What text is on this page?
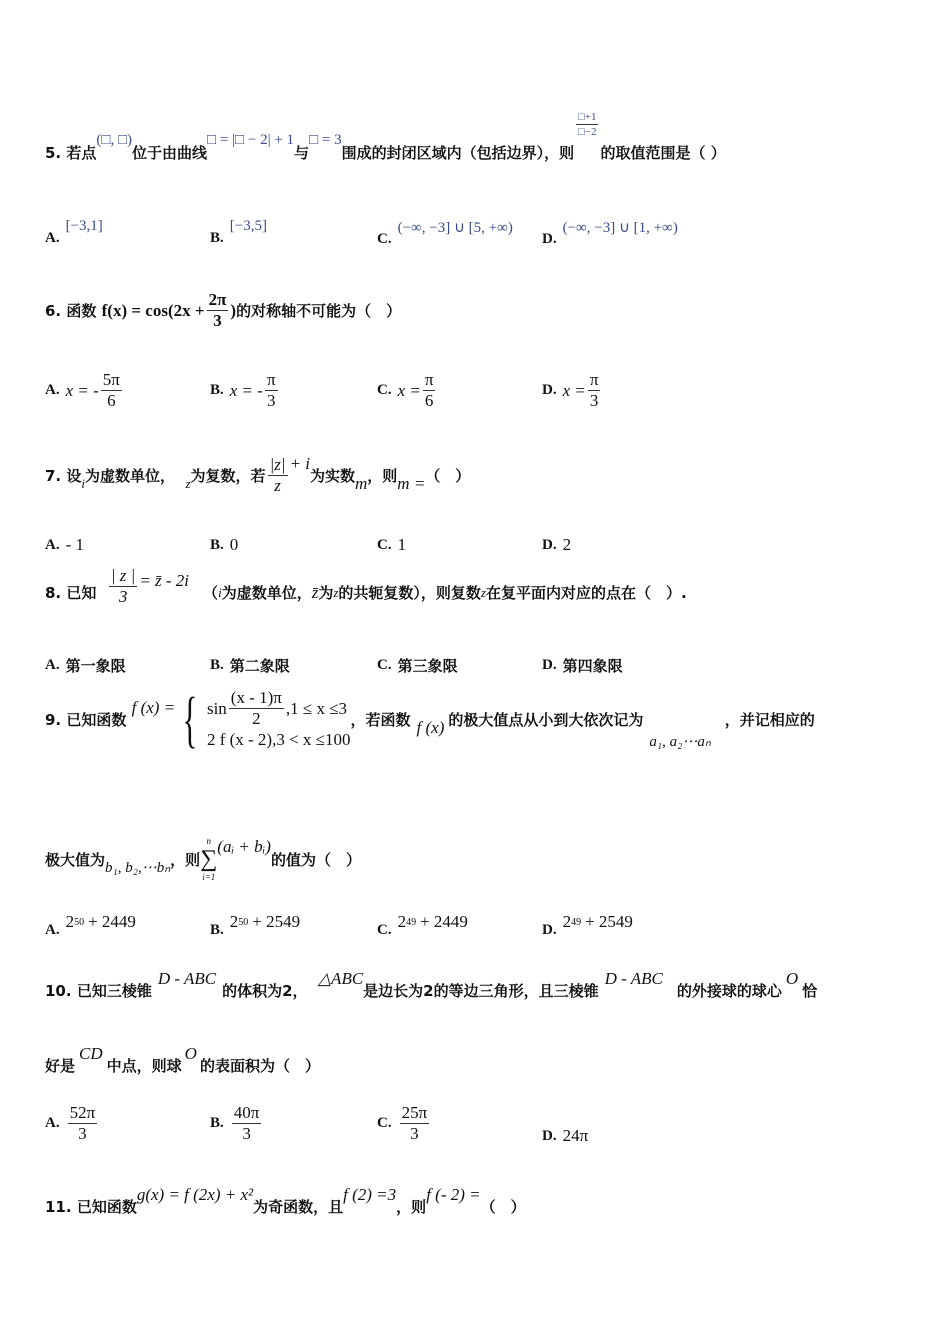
5.
若点
(□, □)
位于由曲线
□ = |□ − 2| + 1
与
□ = 3
围成的封闭区域内（包括边界），则
$\frac{□+1}{□-2}$
的取值范围是（ ）
A.
[−3,1]
B.
[−3,5]
C.
(−∞, −3] ∪ [5, +∞)
D.
(−∞, −3] ∪ [1, +∞)
6.
函数
$f(x) = \cos(2x + \frac{2\pi}{3}$ ) 的对称轴不可能为（　）
A. x = - $\frac{5\pi}{6}$	B. x = - $\frac{\pi}{3}$	C. $x = \frac{\pi}{6}$	D. $x = \frac{\pi}{3}$
7.
设 i 为虚数单位，
z 为复数，若 $\frac{|z|}{z} + i$
为实数 m ，则 m = （　）
A. - 1	B. 0	C. 1	D. 2
8.
已知
$\frac{| z |}{3}$ = z̄ - 2i
（ i 为虚数单位， z̄ 为 z 的共轭复数），则复数 z 在复平面内对应的点在（　）.
A. 第一象限	B. 第二象限	C. 第三象限	D. 第四象限
9.
已知函数

f (x) = { $\sin \frac{(x - 1)\pi}{2} ,1 \le x \le 3$
2 f (x - 2),3 < x ≤100
，若函数 f (x) 的极大值点从小到大依次记为
a₁, a₂⋯aₙ
，并记相应的
极大值为 b₁, b₂,⋯bₙ ，则
n
∑
i=1
(aᵢ + bᵢ)
的值为（　）
A. 2 50 + 2449	B. 2 50 + 2549	C. 2 49 + 2449	D. 2 49 + 2549
10.
已知三棱锥
D - ABC
的体积为2，

△ABC
是边长为2的等边三角形，且三棱锥
D - ABC
的外接球的球心
O
恰
好是
CD
中点，则球
O
的表面积为（　）
A. $\frac{52\pi}{3}$	B. $\frac{40\pi}{3}$	C. $\frac{25\pi}{3}$	D. 24π
11.
已知函数
g(x) = f (2x) + x²
为奇函数，且
f (2) =3
，则
f (- 2) =
（　）
